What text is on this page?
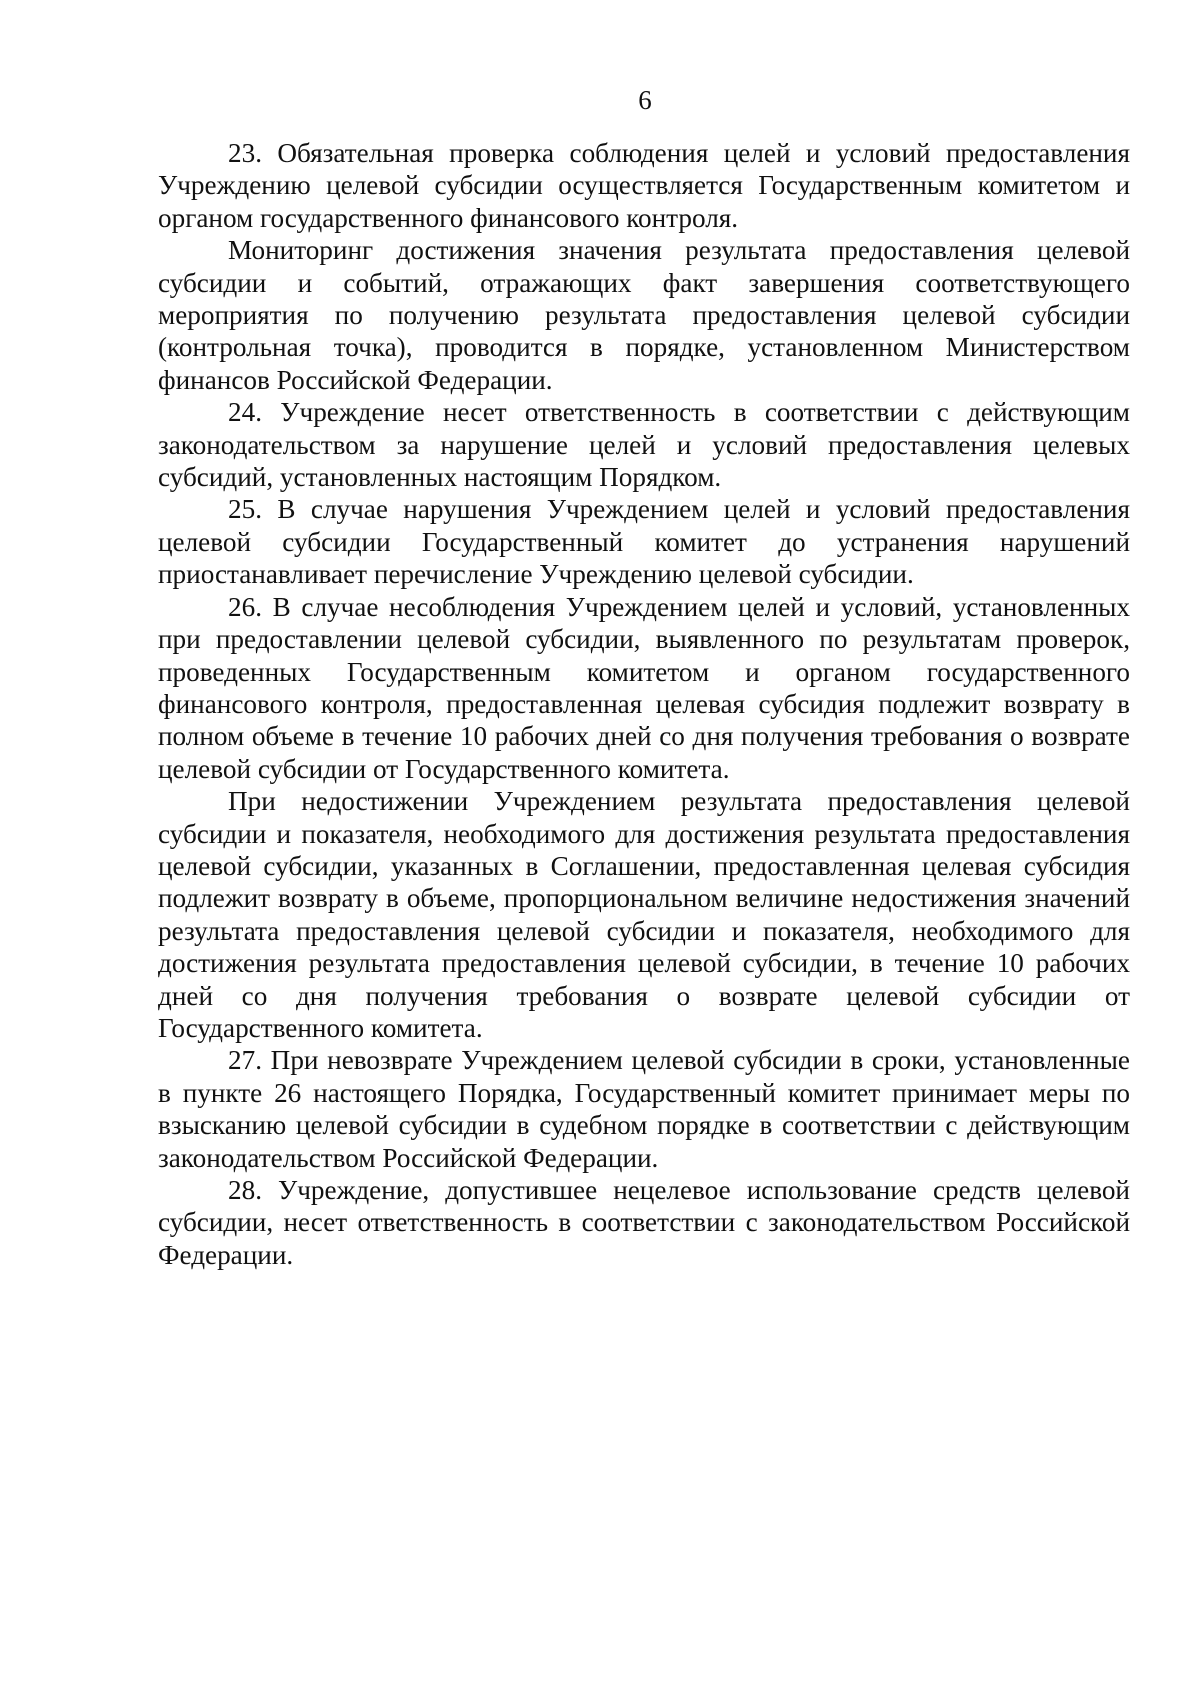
6

23. Обязательная проверка соблюдения целей и условий предоставления Учреждению целевой субсидии осуществляется Государственным комитетом и органом государственного финансового контроля.

Мониторинг достижения значения результата предоставления целевой субсидии и событий, отражающих факт завершения соответствующего мероприятия по получению результата предоставления целевой субсидии (контрольная точка), проводится в порядке, установленном Министерством финансов Российской Федерации.

24. Учреждение несет ответственность в соответствии с действующим законодательством за нарушение целей и условий предоставления целевых субсидий, установленных настоящим Порядком.

25. В случае нарушения Учреждением целей и условий предоставления целевой субсидии Государственный комитет до устранения нарушений приостанавливает перечисление Учреждению целевой субсидии.

26. В случае несоблюдения Учреждением целей и условий, установленных при предоставлении целевой субсидии, выявленного по результатам проверок, проведенных Государственным комитетом и органом государственного финансового контроля, предоставленная целевая субсидия подлежит возврату в полном объеме в течение 10 рабочих дней со дня получения требования о возврате целевой субсидии от Государственного комитета.

При недостижении Учреждением результата предоставления целевой субсидии и показателя, необходимого для достижения результата предоставления целевой субсидии, указанных в Соглашении, предоставленная целевая субсидия подлежит возврату в объеме, пропорциональном величине недостижения значений результата предоставления целевой субсидии и показателя, необходимого для достижения результата предоставления целевой субсидии, в течение 10 рабочих дней со дня получения требования о возврате целевой субсидии от Государственного комитета.

27. При невозврате Учреждением целевой субсидии в сроки, установленные в пункте 26 настоящего Порядка, Государственный комитет принимает меры по взысканию целевой субсидии в судебном порядке в соответствии с действующим законодательством Российской Федерации.

28. Учреждение, допустившее нецелевое использование средств целевой субсидии, несет ответственность в соответствии с законодательством Российской Федерации.
